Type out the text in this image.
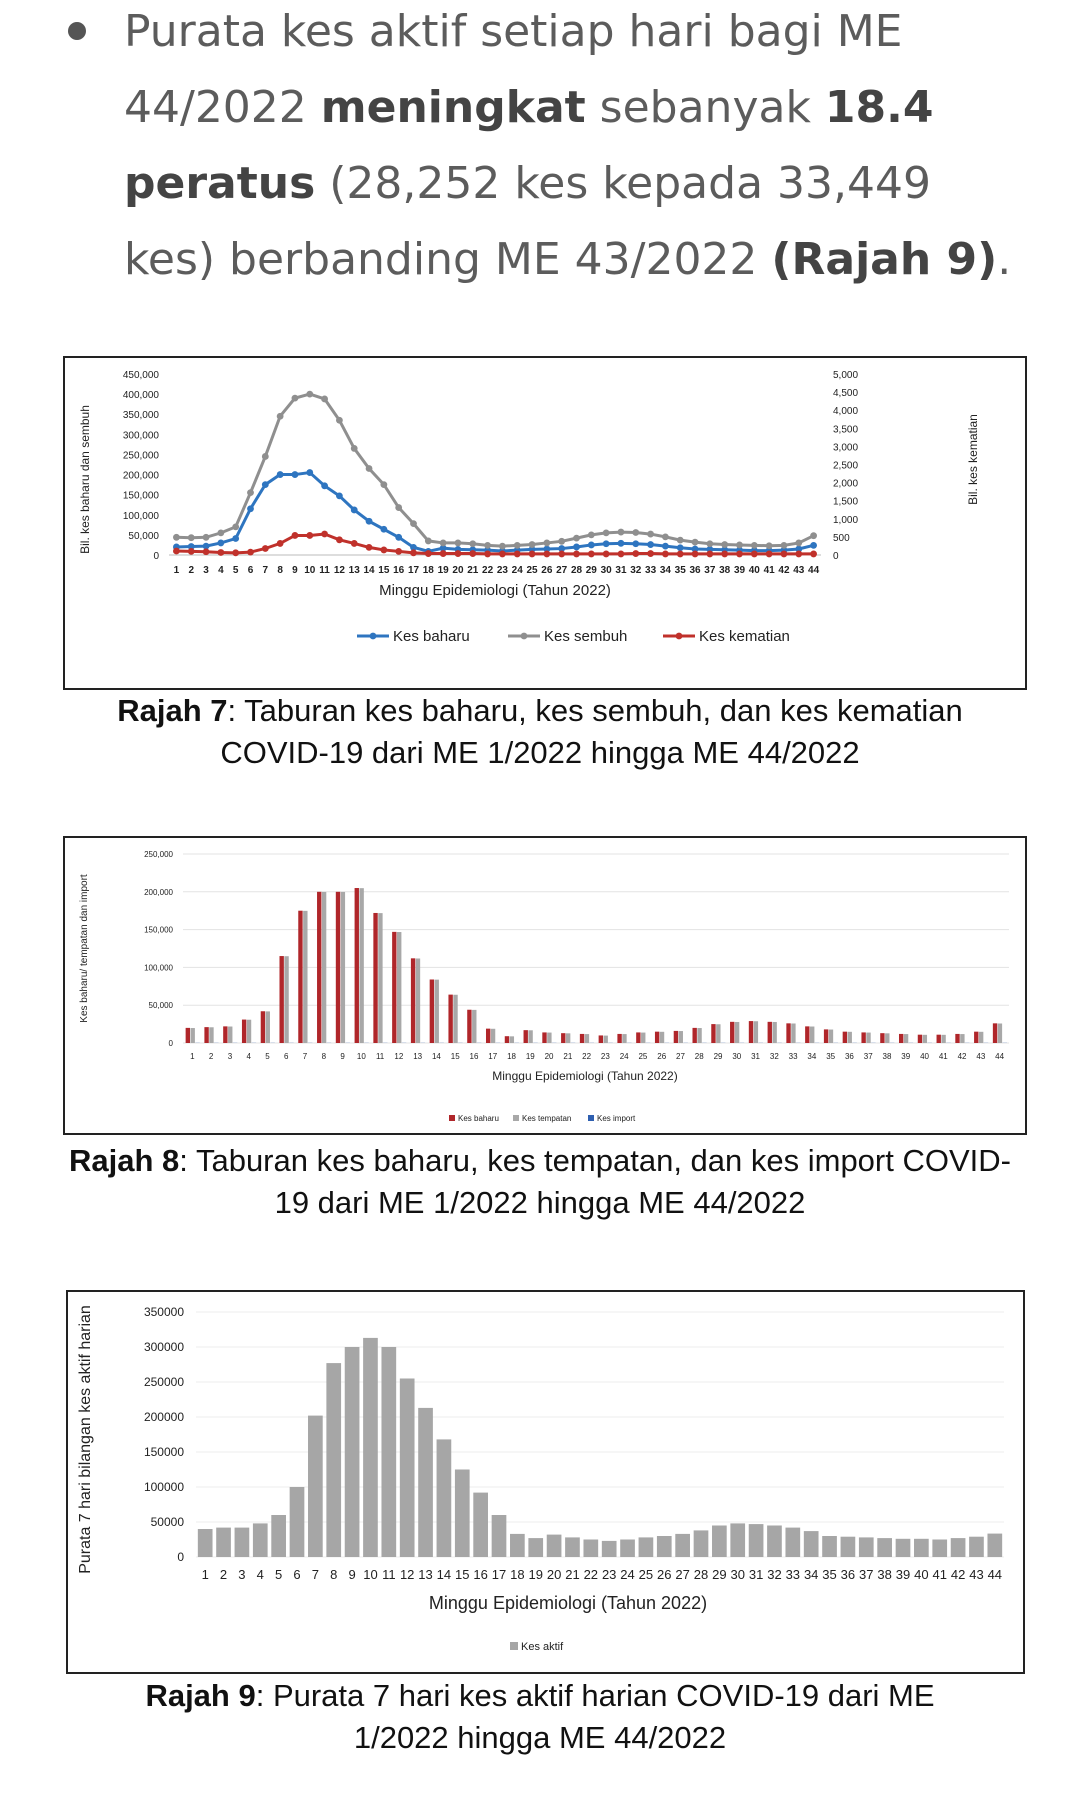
Purata kes aktif setiap hari bagi ME 44/2022 meningkat sebanyak 18.4 peratus (28,252 kes kepada 33,449 kes) berbanding ME 43/2022 (Rajah 9).
0
50,000
100,000
150,000
200,000
250,000
300,000
350,000
400,000
450,000
0
500
1,000
1,500
2,000
2,500
3,000
3,500
4,000
4,500
5,000
1 2 3 4 5 6 7 8 9 10 11 12 13 14 15 16 17 18 19 20 21 22 23 24 25 26 27 28 29 30 31 32 33 34 35 36 37 38 39 40 41 42 43 44
Bil. kes baharu dan sembuh	Bil. kes kematian
Minggu Epidemiologi (Tahun 2022)
Kes baharu	Kes sembuh	Kes kematian
Rajah 7: Taburan kes baharu, kes sembuh, dan kes kematian COVID-19 dari ME 1/2022 hingga ME 44/2022
0
50,000
100,000
150,000
200,000
250,000
1 2 3 4 5 6 7 8 9 10 11 12 13 14 15 16 17 18 19 20 21 22 23 24 25 26 27 28 29 30 31 32 33 34 35 36 37 38 39 40 41 42 43 44
Kes baharu/ tempatan dan import
Minggu Epidemiologi (Tahun 2022)
Kes baharu	Kes tempatan	Kes import
Rajah 8: Taburan kes baharu, kes tempatan, dan kes import COVID-19 dari ME 1/2022 hingga ME 44/2022
0
50000
100000
150000
200000
250000
300000
350000
1 2 3 4 5 6 7 8 9 10 11 12 13 14 15 16 17 18 19 20 21 22 23 24 25 26 27 28 29 30 31 32 33 34 35 36 37 38 39 40 41 42 43 44
Purata 7 hari bilangan kes aktif harian
Minggu Epidemiologi (Tahun 2022)
Kes aktif
Rajah 9: Purata 7 hari kes aktif harian COVID-19 dari ME 1/2022 hingga ME 44/2022
